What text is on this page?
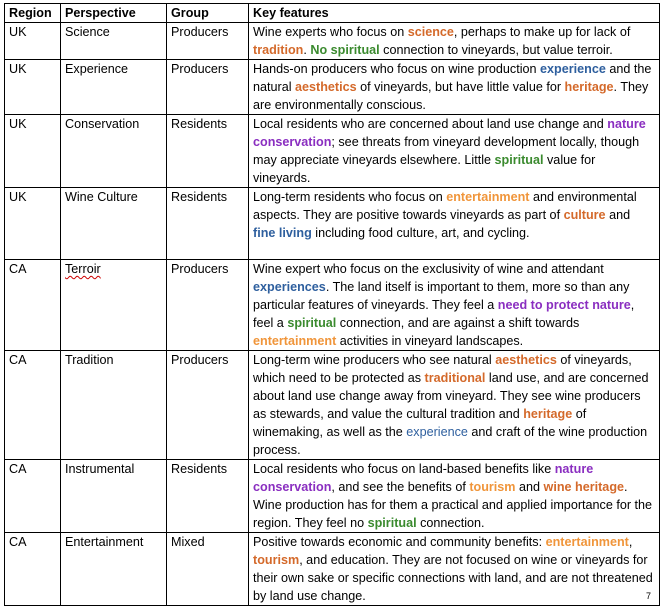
Region	Perspective	Group	Key features
UK	Science	Producers	Wine experts who focus on science, perhaps to make up for lack of tradition. No spiritual connection to vineyards, but value terroir.
UK	Experience	Producers	Hands-on producers who focus on wine production experience and the natural aesthetics of vineyards, but have little value for heritage. They are environmentally conscious.
UK	Conservation	Residents	Local residents who are concerned about land use change and nature conservation; see threats from vineyard development locally, though may appreciate vineyards elsewhere. Little spiritual value for vineyards.
UK	Wine Culture	Residents	Long-term residents who focus on entertainment and environmental aspects. They are positive towards vineyards as part of culture and fine living including food culture, art, and cycling.
CA	Terroir	Producers	Wine expert who focus on the exclusivity of wine and attendant experiences. The land itself is important to them, more so than any particular features of vineyards. They feel a need to protect nature, feel a spiritual connection, and are against a shift towards entertainment activities in vineyard landscapes.
CA	Tradition	Producers	Long-term wine producers who see natural aesthetics of vineyards, which need to be protected as traditional land use, and are concerned about land use change away from vineyard. They see wine producers as stewards, and value the cultural tradition and heritage of winemaking, as well as the experience and craft of the wine production process.
CA	Instrumental	Residents	Local residents who focus on land-based benefits like nature conservation, and see the benefits of tourism and wine heritage. Wine production has for them a practical and applied importance for the region. They feel no spiritual connection.
CA	Entertainment	Mixed	Positive towards economic and community benefits: entertainment, tourism, and education. They are not focused on wine or vineyards for their own sake or specific connections with land, and are not threatened by land use change.	7
